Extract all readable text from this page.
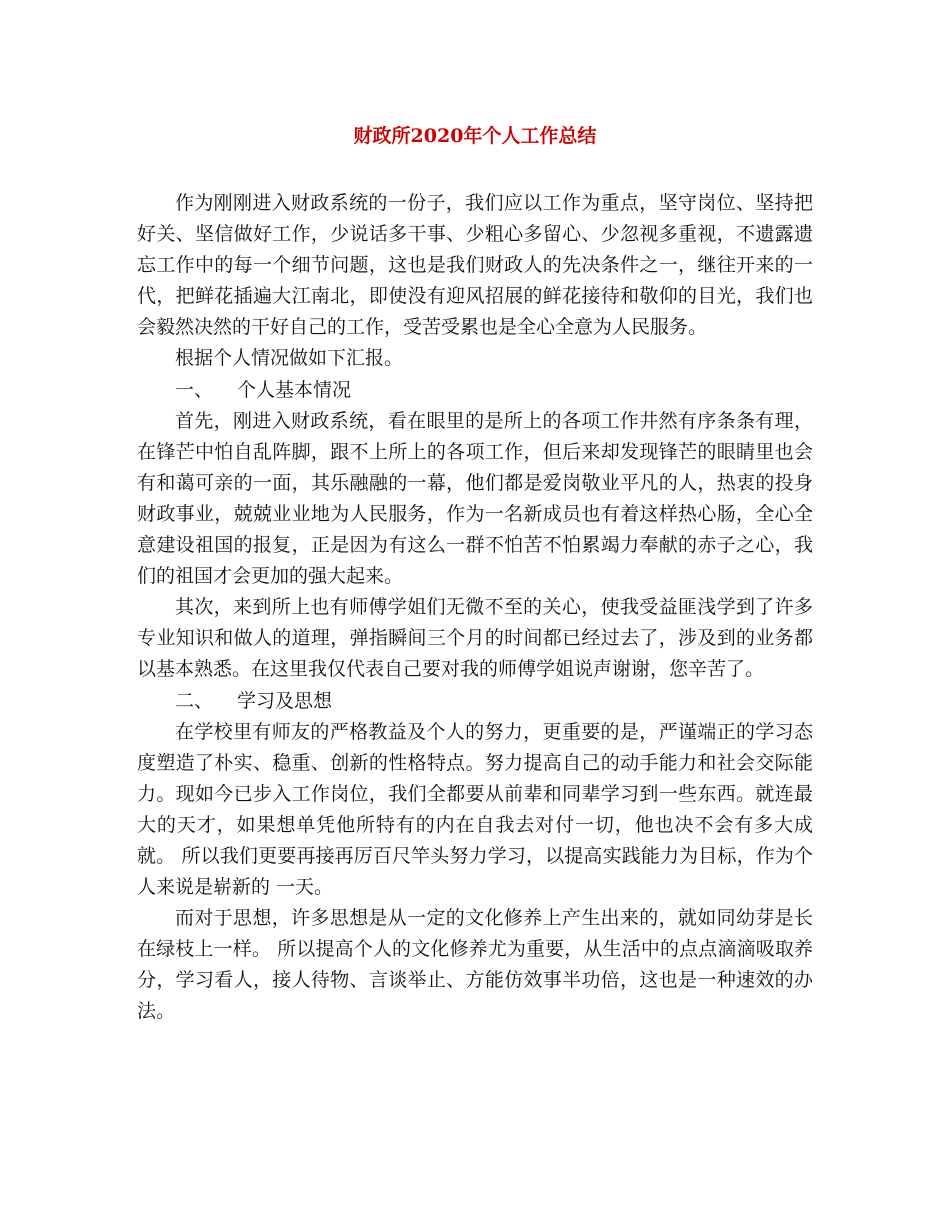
财政所2020年个人工作总结

作为刚刚进入财政系统的一份子，我们应以工作为重点，坚守岗位、坚持把好关、坚信做好工作，少说话多干事、少粗心多留心、少忽视多重视，不遗露遗忘工作中的每一个细节问题，这也是我们财政人的先决条件之一，继往开来的一代，把鲜花插遍大江南北，即使没有迎风招展的鲜花接待和敬仰的目光，我们也会毅然决然的干好自己的工作，受苦受累也是全心全意为人民服务。

根据个人情况做如下汇报。

一、 个人基本情况

首先，刚进入财政系统，看在眼里的是所上的各项工作井然有序条条有理，在锋芒中怕自乱阵脚，跟不上所上的各项工作，但后来却发现锋芒的眼睛里也会有和蔼可亲的一面，其乐融融的一幕，他们都是爱岗敬业平凡的人，热衷的投身财政事业，兢兢业业地为人民服务，作为一名新成员也有着这样热心肠，全心全意建设祖国的报复，正是因为有这么一群不怕苦不怕累竭力奉献的赤子之心，我们的祖国才会更加的强大起来。

其次，来到所上也有师傅学姐们无微不至的关心，使我受益匪浅学到了许多专业知识和做人的道理，弹指瞬间三个月的时间都已经过去了，涉及到的业务都以基本熟悉。在这里我仅代表自己要对我的师傅学姐说声谢谢，您辛苦了。

二、 学习及思想

在学校里有师友的严格教益及个人的努力，更重要的是，严谨端正的学习态度塑造了朴实、稳重、创新的性格特点。努力提高自己的动手能力和社会交际能力。现如今已步入工作岗位，我们全都要从前辈和同辈学习到一些东西。就连最大的天才，如果想单凭他所特有的内在自我去对付一切，他也决不会有多大成就。 所以我们更要再接再厉百尺竿头努力学习，以提高实践能力为目标，作为个人来说是崭新的 一天。

而对于思想，许多思想是从一定的文化修养上产生出来的，就如同幼芽是长在绿枝上一样。 所以提高个人的文化修养尤为重要，从生活中的点点滴滴吸取养分，学习看人，接人待物、言谈举止、方能仿效事半功倍，这也是一种速效的办法。
